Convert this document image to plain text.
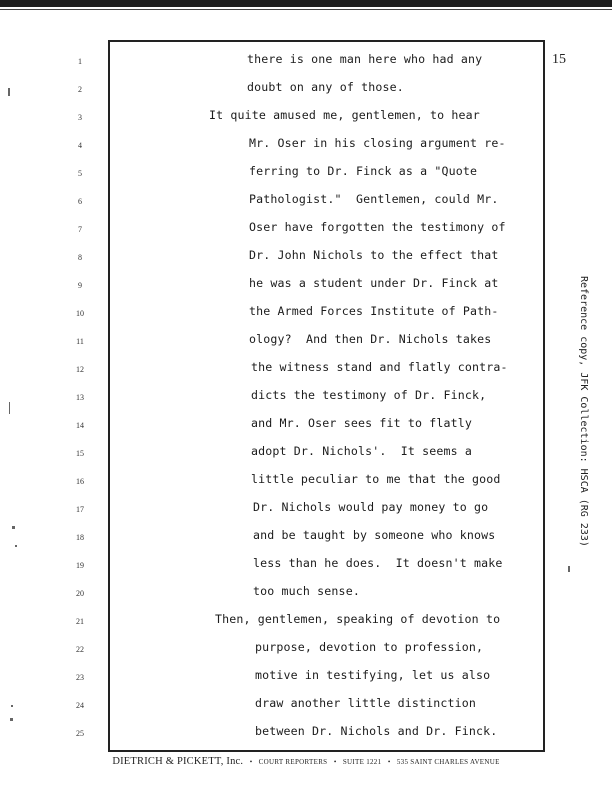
15
1
2
3
4
5
6
7
8
9
10
11
12
13
14
15
16
17
18
19
20
21
22
23
24
25
there is one man here who had any
doubt on any of those.
It quite amused me, gentlemen, to hear
Mr. Oser in his closing argument re-
ferring to Dr. Finck as a "Quote
Pathologist."  Gentlemen, could Mr.
Oser have forgotten the testimony of
Dr. John Nichols to the effect that
he was a student under Dr. Finck at
the Armed Forces Institute of Path-
ology?  And then Dr. Nichols takes
the witness stand and flatly contra-
dicts the testimony of Dr. Finck,
and Mr. Oser sees fit to flatly
adopt Dr. Nichols'.  It seems a
little peculiar to me that the good
Dr. Nichols would pay money to go
and be taught by someone who knows
less than he does.  It doesn't make
too much sense.
Then, gentlemen, speaking of devotion to
purpose, devotion to profession,
motive in testifying, let us also
draw another little distinction
between Dr. Nichols and Dr. Finck.
Reference copy, JFK Collection: HSCA (RG 233)
DIETRICH & PICKETT, Inc. • COURT REPORTERS • SUITE 1221 • 535 SAINT CHARLES AVENUE
